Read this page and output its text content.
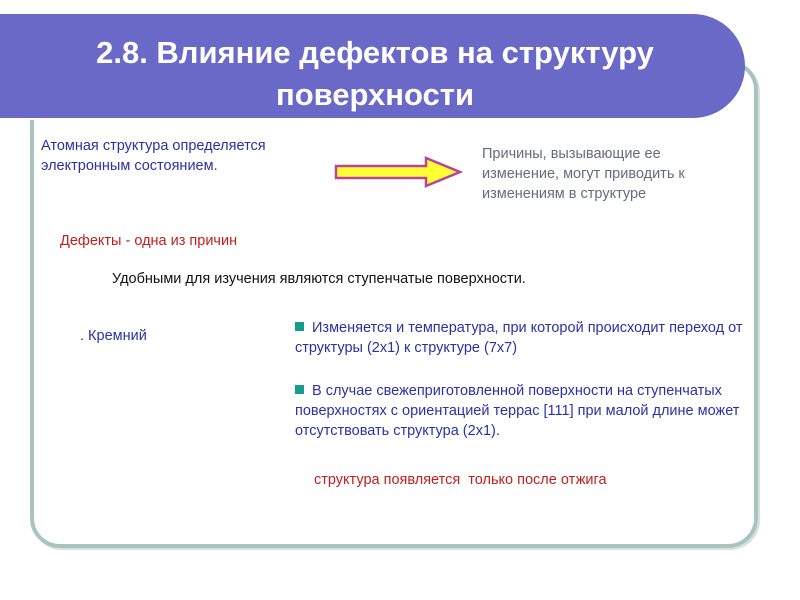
2.8. Влияние дефектов на структуру поверхности
Атомная структура определяется электронным состоянием.
Причины, вызывающие ее изменение, могут приводить к изменениям в структуре
Дефекты - одна из причин
Удобными для изучения являются ступенчатые поверхности.
. Кремний	Изменяется и температура, при которой происходит переход от структуры (2x1) к структуре (7x7)
В случае свежеприготовленной поверхности на ступенчатых поверхностях с ориентацией террас [111] при малой длине может отсутствовать структура (2x1).
структура появляется  только после отжига
